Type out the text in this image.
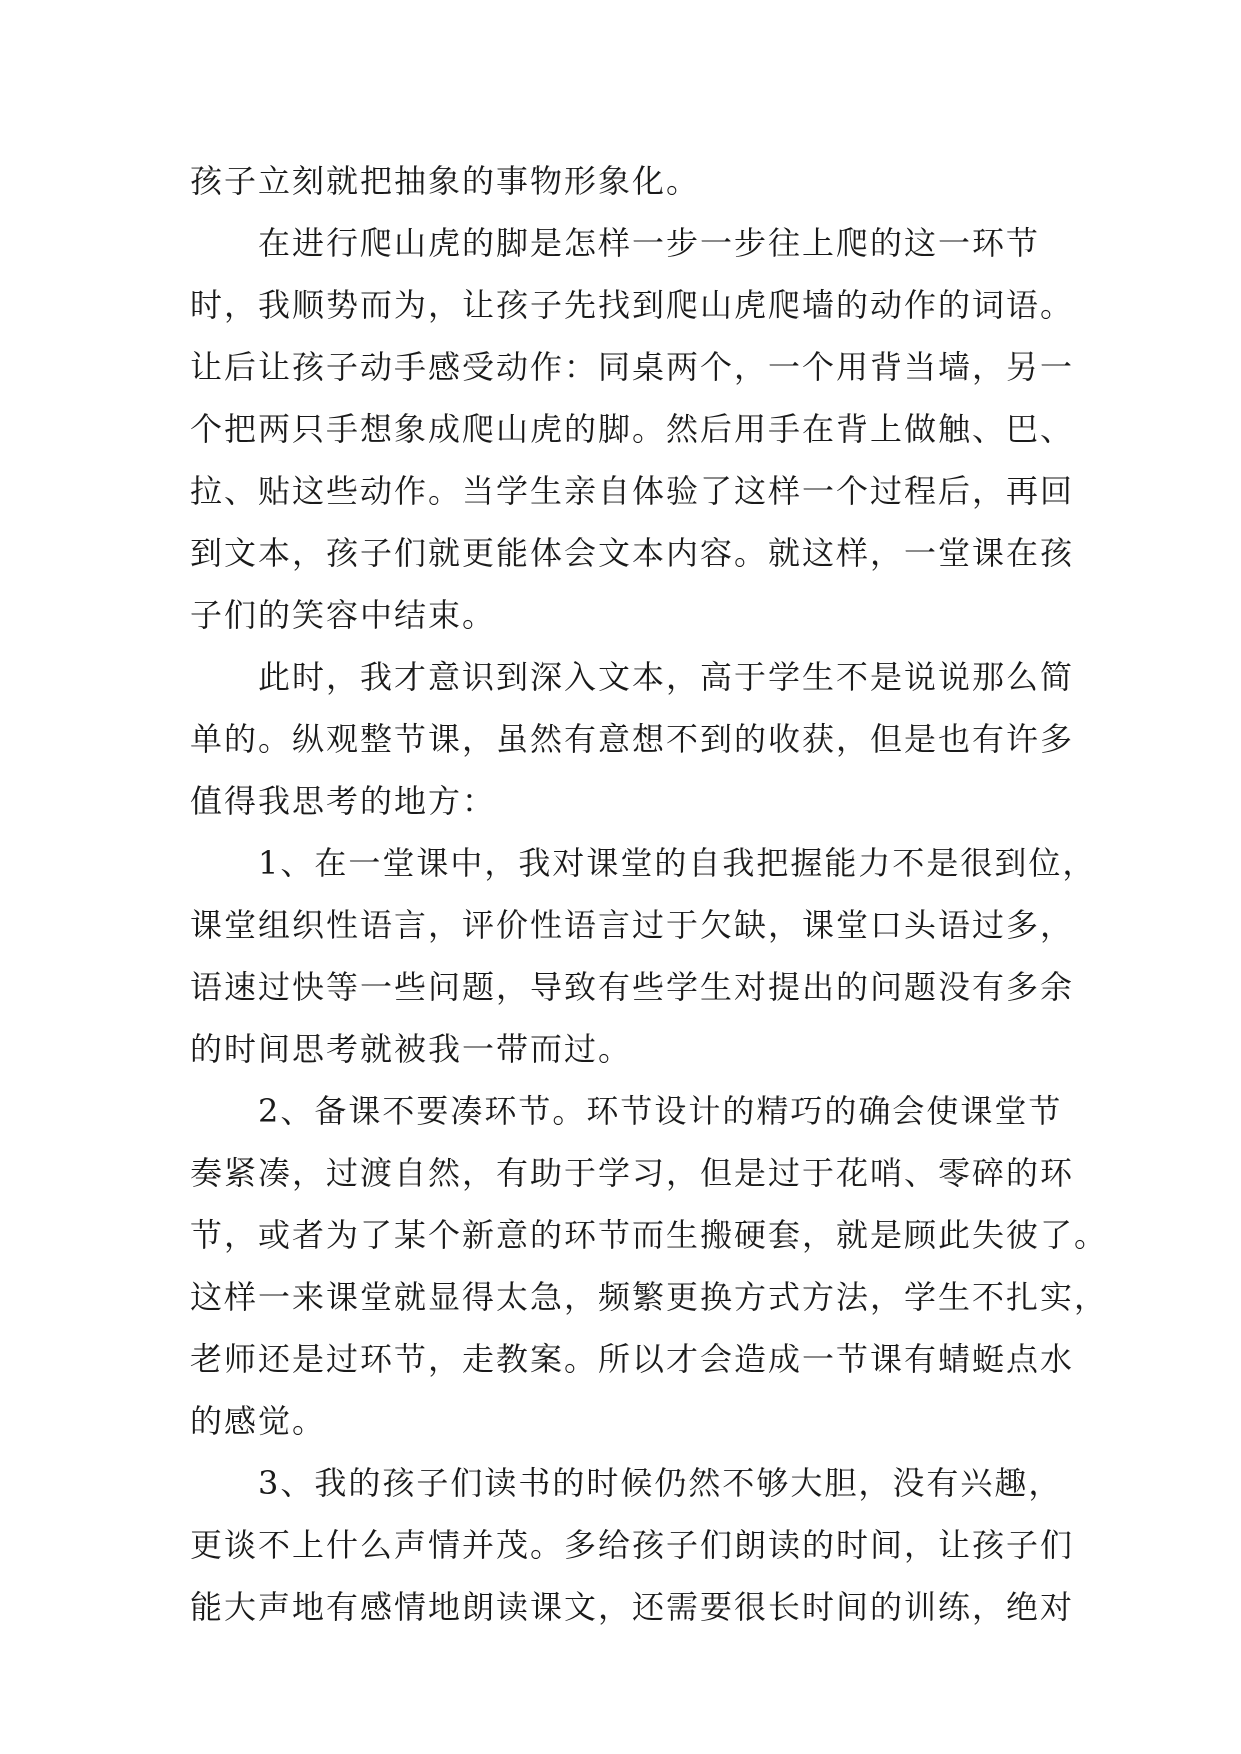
孩子立刻就把抽象的事物形象化。
　　在进行爬山虎的脚是怎样一步一步往上爬的这一环节
时，我顺势而为，让孩子先找到爬山虎爬墙的动作的词语。
让后让孩子动手感受动作：同桌两个，一个用背当墙，另一
个把两只手想象成爬山虎的脚。然后用手在背上做触、巴、
拉、贴这些动作。当学生亲自体验了这样一个过程后，再回
到文本，孩子们就更能体会文本内容。就这样，一堂课在孩
子们的笑容中结束。
　　此时，我才意识到深入文本，高于学生不是说说那么简
单的。纵观整节课，虽然有意想不到的收获，但是也有许多
值得我思考的地方：
　　1、在一堂课中，我对课堂的自我把握能力不是很到位，
课堂组织性语言，评价性语言过于欠缺，课堂口头语过多，
语速过快等一些问题，导致有些学生对提出的问题没有多余
的时间思考就被我一带而过。
　　2、备课不要凑环节。环节设计的精巧的确会使课堂节
奏紧凑，过渡自然，有助于学习，但是过于花哨、零碎的环
节，或者为了某个新意的环节而生搬硬套，就是顾此失彼了。
这样一来课堂就显得太急，频繁更换方式方法，学生不扎实，
老师还是过环节，走教案。所以才会造成一节课有蜻蜓点水
的感觉。
　　3、我的孩子们读书的时候仍然不够大胆，没有兴趣，
更谈不上什么声情并茂。多给孩子们朗读的时间，让孩子们
能大声地有感情地朗读课文，还需要很长时间的训练，绝对
